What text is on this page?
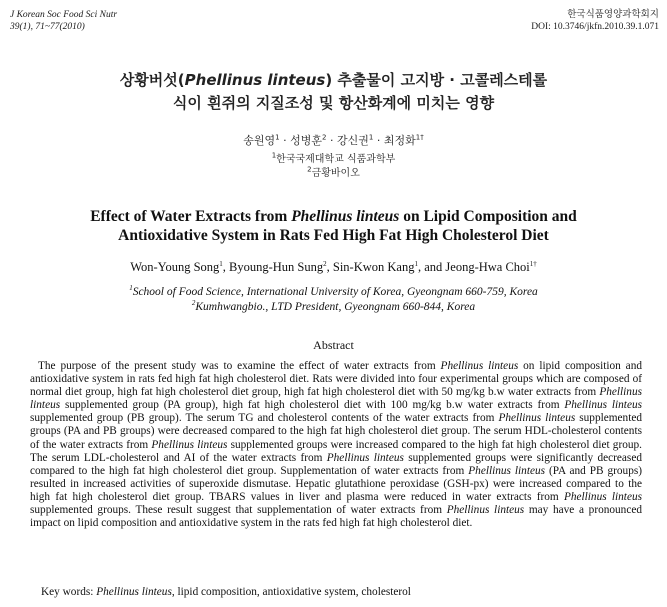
J Korean Soc Food Sci Nutr
39(1), 71~77(2010)
한국식품영양과학회지
DOI: 10.3746/jkfn.2010.39.1.071
상황버섯(Phellinus linteus) 추출물이 고지방 · 고콜레스테롤
식이 흰쥐의 지질조성 및 항산화계에 미치는 영향
송원영$^1$ · 성병훈$^2$ · 강신권$^1$ · 최정화$^{1\dagger}$
$^1$한국국제대학교 식품과학부
$^2$금황바이오
Effect of Water Extracts from Phellinus linteus on Lipid Composition and
Antioxidative System in Rats Fed High Fat High Cholesterol Diet
Won-Young Song$^1$, Byoung-Hun Sung$^2$, Sin-Kwon Kang$^1$, and Jeong-Hwa Choi$^{1\dagger}$
$^1$School of Food Science, International University of Korea, Gyeongnam 660-759, Korea
$^2$Kumhwangbio., LTD President, Gyeongnam 660-844, Korea
Abstract

The purpose of the present study was to examine the effect of water extracts from Phellinus linteus on lipid composition and antioxidative system in rats fed high fat high cholesterol diet. Rats were divided into four experimental groups which are composed of normal diet group, high fat high cholesterol diet group, high fat high cholesterol diet with 50 mg/kg b.w water extracts from Phellinus linteus supplemented group (PA group), high fat high cholesterol diet with 100 mg/kg b.w water extracts from Phellinus linteus supplemented group (PB group). The serum TG and cholesterol contents of the water extracts from Phellinus linteus supplemented groups (PA and PB groups) were decreased compared to the high fat high cholesterol diet group. The serum HDL-cholesterol contents of the water extracts from Phellinus linteus supplemented groups were increased compared to the high fat high cholesterol diet group. The serum LDL-cholesterol and AI of the water extracts from Phellinus linteus supplemented groups were significantly decreased compared to the high fat high cholesterol diet group. Supplementation of water extracts from Phellinus linteus (PA and PB groups) resulted in increased activities of superoxide dismutase. Hepatic glutathione peroxidase (GSH-px) were increased compared to the high fat high cholesterol diet group. TBARS values in liver and plasma were reduced in water extracts from Phellinus linteus supplemented groups. These result suggest that supplementation of water extracts from Phellinus linteus may have a pronounced impact on lipid composition and antioxidative system in the rats fed high fat high cholesterol diet.

Key words: Phellinus linteus, lipid composition, antioxidative system, cholesterol
